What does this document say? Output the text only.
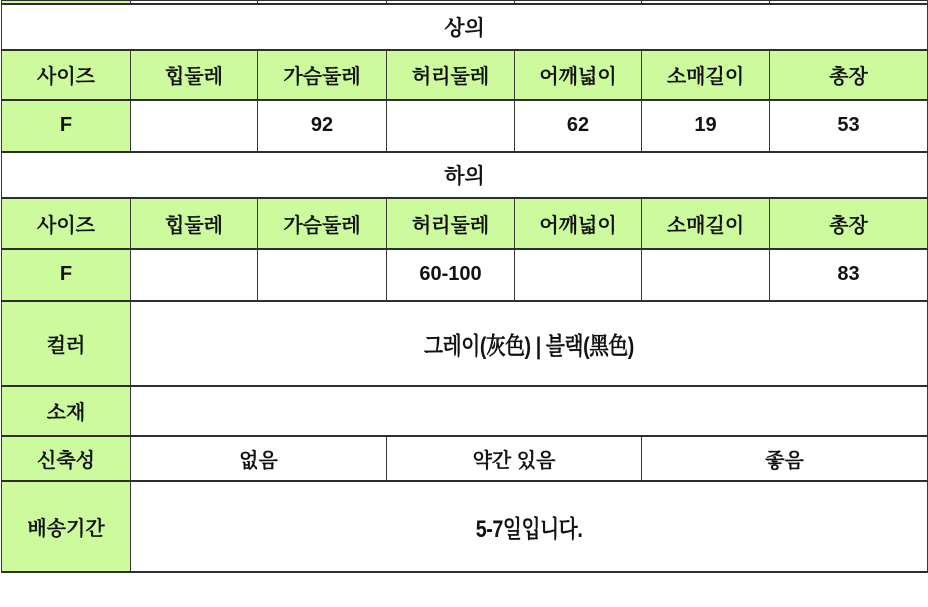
상의						
사이즈	힙둘레	가슴둘레	허리둘레	어깨넓이	소매길이	총장
F		92		62	19	53
하의						
사이즈	힙둘레	가슴둘레	허리둘레	어깨넓이	소매길이	총장
F			60-100			83
컬러	그레이(灰色) | 블랙(黑色)					
소재						
신축성	없음		약간 있음		좋음	
배송기간	5-7일입니다.					
